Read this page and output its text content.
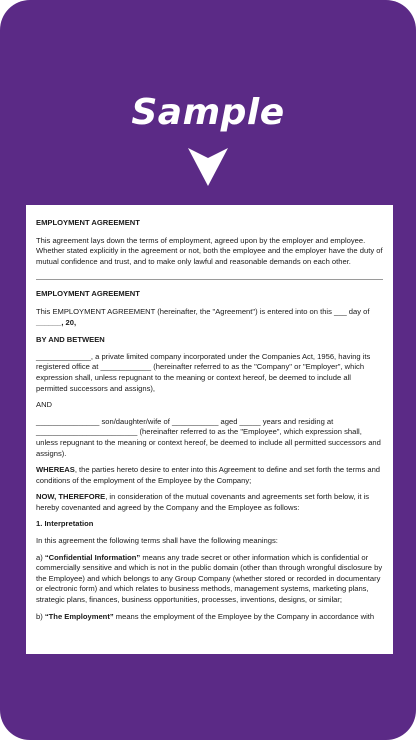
Sample

EMPLOYMENT AGREEMENT

This agreement lays down the terms of employment, agreed upon by the employer and employee. Whether stated explicitly in the agreement or not, both the employee and the employer have the duty of mutual confidence and trust, and to make only lawful and reasonable demands on each other.

EMPLOYMENT AGREEMENT

This EMPLOYMENT AGREEMENT (hereinafter, the "Agreement") is entered into on this ___ day of
______, 20,

BY AND BETWEEN

_____________, a private limited company incorporated under the Companies Act, 1956, having its registered office at ____________ (hereinafter referred to as the "Company" or "Employer", which expression shall, unless repugnant to the meaning or context hereof, be deemed to include all permitted successors and assigns),

AND

_______________ son/daughter/wife of ___________ aged _____ years and residing at ________________________ (hereinafter referred to as the "Employee", which expression shall, unless repugnant to the meaning or context hereof, be deemed to include all permitted successors and assigns).

WHEREAS, the parties hereto desire to enter into this Agreement to define and set forth the terms and conditions of the employment of the Employee by the Company;

NOW, THEREFORE, in consideration of the mutual covenants and agreements set forth below, it is hereby covenanted and agreed by the Company and the Employee as follows:

1. Interpretation

In this agreement the following terms shall have the following meanings:

a) “Confidential Information” means any trade secret or other information which is confidential or commercially sensitive and which is not in the public domain (other than through wrongful disclosure by the Employee) and which belongs to any Group Company (whether stored or recorded in documentary or electronic form) and which relates to business methods, management systems, marketing plans, strategic plans, finances, business opportunities, processes, inventions, designs, or similar;

b) “The Employment” means the employment of the Employee by the Company in accordance with
